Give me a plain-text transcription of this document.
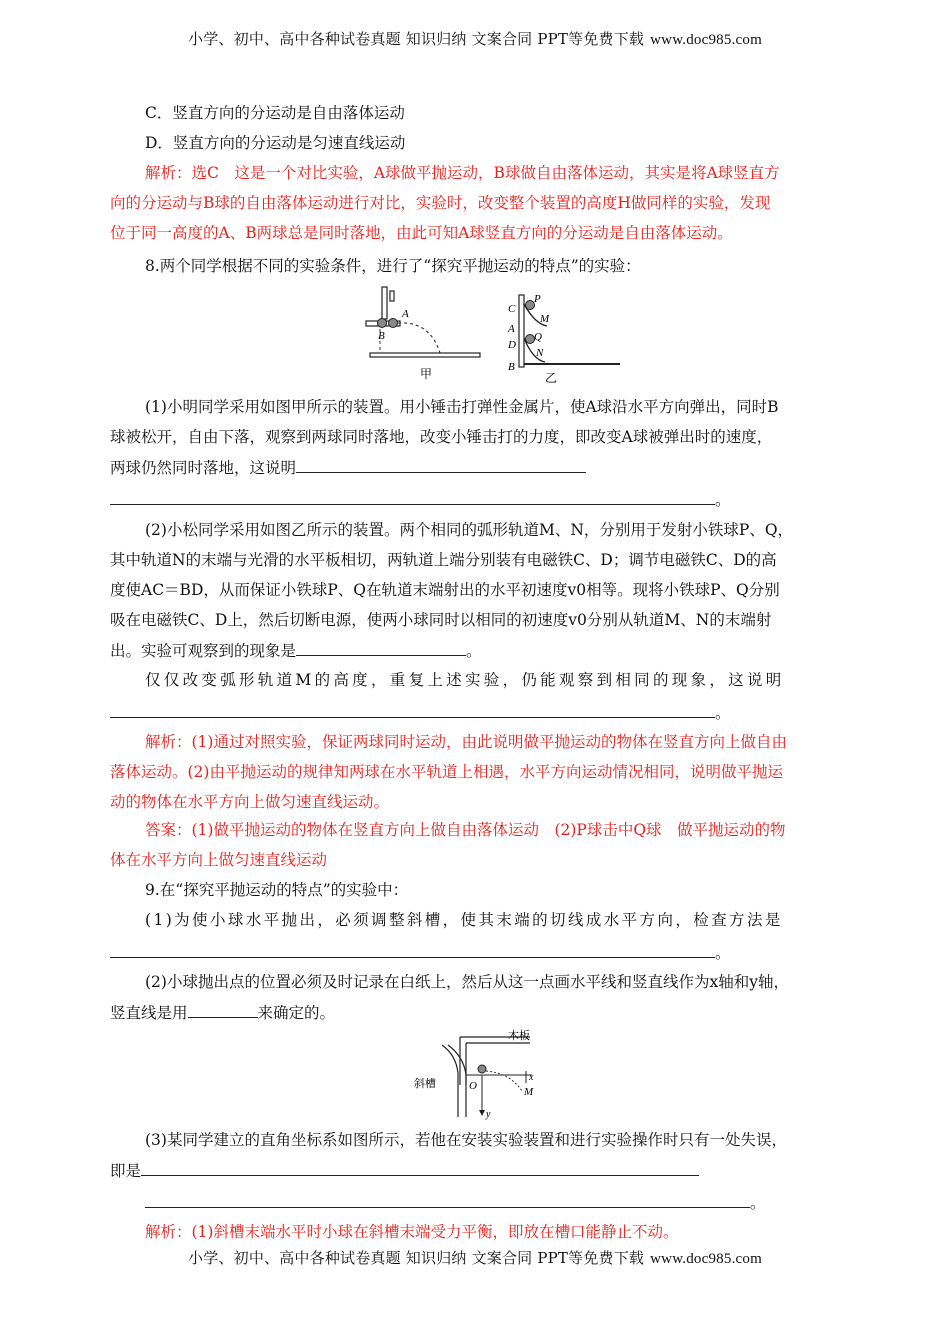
小学、初中、高中各种试卷真题 知识归纳 文案合同 PPT等免费下载 www.doc985.com
C．竖直方向的分运动是自由落体运动
D．竖直方向的分运动是匀速直线运动
解析：选C　这是一个对比实验，A球做平抛运动，B球做自由落体运动，其实是将A球竖直方
向的分运动与B球的自由落体运动进行对比，实验时，改变整个装置的高度H做同样的实验，发现
位于同一高度的A、B两球总是同时落地，由此可知A球竖直方向的分运动是自由落体运动。
8.两个同学根据不同的实验条件，进行了“探究平抛运动的特点”的实验：
A
B
甲
C
P
M
A
D
Q
N
B
乙
(1)小明同学采用如图甲所示的装置。用小锤击打弹性金属片，使A球沿水平方向弹出，同时B
球被松开，自由下落，观察到两球同时落地，改变小锤击打的力度，即改变A球被弹出时的速度，
两球仍然同时落地，这说明
。
(2)小松同学采用如图乙所示的装置。两个相同的弧形轨道M、N，分别用于发射小铁球P、Q，
其中轨道N的末端与光滑的水平板相切，两轨道上端分别装有电磁铁C、D；调节电磁铁C、D的高
度使AC＝BD，从而保证小铁球P、Q在轨道末端射出的水平初速度v0相等。现将小铁球P、Q分别
吸在电磁铁C、D上，然后切断电源，使两小球同时以相同的初速度v0分别从轨道M、N的末端射
出。实验可观察到的现象是	。
仅仅改变弧形轨道M的高度，重复上述实验，仍能观察到相同的现象，这说明
。
解析：(1)通过对照实验，保证两球同时运动，由此说明做平抛运动的物体在竖直方向上做自由
落体运动。(2)由平抛运动的规律知两球在水平轨道上相遇，水平方向运动情况相同，说明做平抛运
动的物体在水平方向上做匀速直线运动。
答案：(1)做平抛运动的物体在竖直方向上做自由落体运动　(2)P球击中Q球　做平抛运动的物
体在水平方向上做匀速直线运动
9.在“探究平抛运动的特点”的实验中：
(1)为使小球水平抛出，必须调整斜槽，使其末端的切线成水平方向，检查方法是
。
(2)小球抛出点的位置必须及时记录在白纸上，然后从这一点画水平线和竖直线作为x轴和y轴，
竖直线是用	来确定的。
木板
斜槽	O
x
M
y
(3)某同学建立的直角坐标系如图所示，若他在安装实验装置和进行实验操作时只有一处失误，
即是
。
解析：(1)斜槽末端水平时小球在斜槽末端受力平衡，即放在槽口能静止不动。
小学、初中、高中各种试卷真题 知识归纳 文案合同 PPT等免费下载 www.doc985.com
